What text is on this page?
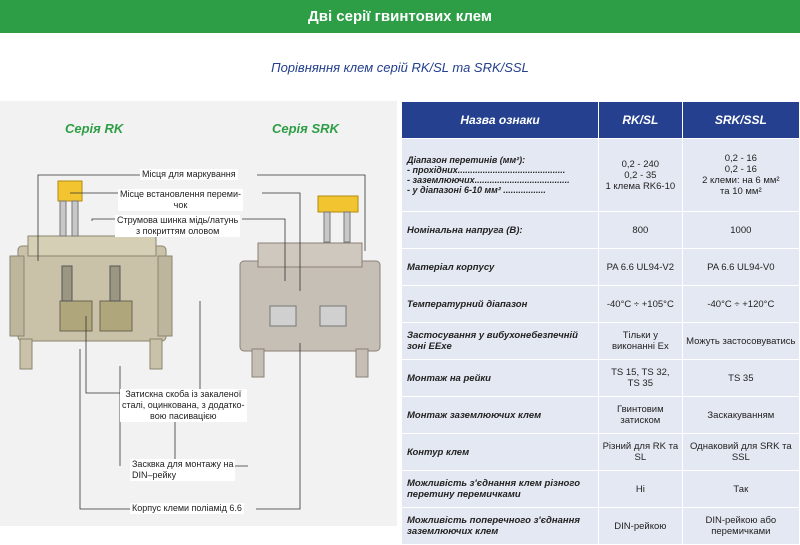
Дві серії гвинтових клем
Порівняння клем серій RK/SL та SRK/SSL
Серія RK	Серія SRK
Місця для маркування
Місце встановлення переми-
чок
Струмова шинка мідь/латунь
з покриттям оловом
Затискна скоба із закаленої
сталі, оцинкована, з додатко-
вою пасивацією
Засквка для монтажу на
DIN–рейку
Корпус клеми поліамід 6.6
Назва ознаки	RK/SL	SRK/SSL
Діапазон перетинів (мм²):
- прохідних...........................................
- заземлюючих......................................
- у діапазоні 6-10 мм² .................	0,2 - 240
0,2 - 35
1 клема RK6-10	0,2 - 16
0,2 - 16
2 клеми: на 6 мм²
та 10 мм²
Номінальна напруга (В):	800	1000
Матеріал корпусу	PA 6.6 UL94-V2	PA 6.6 UL94-V0
Температурний діапазон	-40°C ÷ +105°C	-40°C ÷ +120°C
Застосування у вибухонебезпечній зоні EExe	Тільки у виконанні Ex	Можуть застосовуватись
Монтаж на рейки	TS 15, TS 32,
TS 35	TS 35
Монтаж заземлюючих клем	Гвинтовим затиском	Заскакуванням
Контур клем	Різний для RK та SL	Однаковий для SRK та SSL
Можливість з'єднання клем різного перетину перемичками	Ні	Так
Можливість поперечного з'єднання заземлюючих клем	DIN-рейкою	DIN-рейкою або перемичками
